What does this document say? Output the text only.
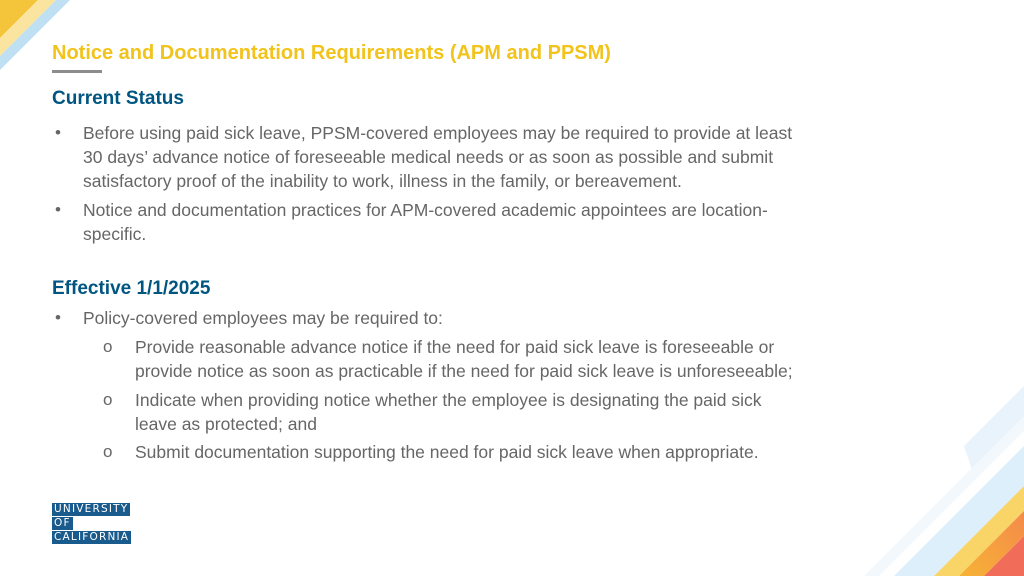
Notice and Documentation Requirements (APM and PPSM)
Current Status
• Before using paid sick leave, PPSM-covered employees may be required to provide at least
30 days’ advance notice of foreseeable medical needs or as soon as possible and submit
satisfactory proof of the inability to work, illness in the family, or bereavement.
• Notice and documentation practices for APM-covered academic appointees are location-
specific.
Effective 1/1/2025
• Policy-covered employees may be required to:
o Provide reasonable advance notice if the need for paid sick leave is foreseeable or
provide notice as soon as practicable if the need for paid sick leave is unforeseeable;
o Indicate when providing notice whether the employee is designating the paid sick
leave as protected; and
o Submit documentation supporting the need for paid sick leave when appropriate.
UNIVERSITY
OF
CALIFORNIA
